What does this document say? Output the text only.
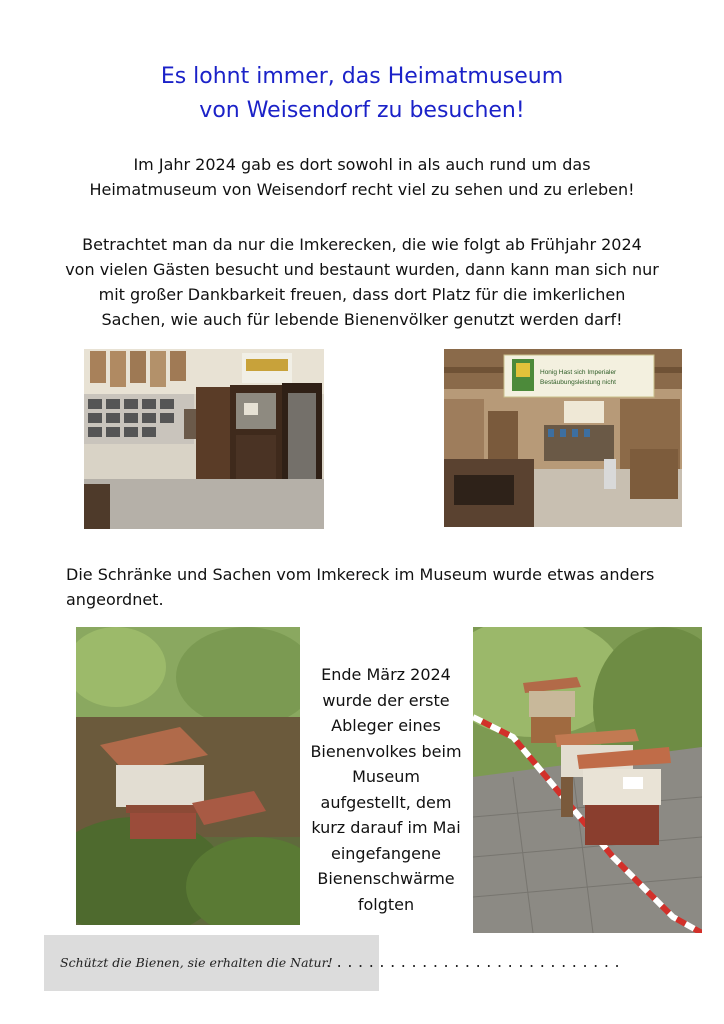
Es lohnt immer, das Heimatmuseum
von Weisendorf zu besuchen!
Im Jahr 2024 gab es dort sowohl in als auch rund um das
Heimatmuseum von Weisendorf recht viel zu sehen und zu erleben!
Betrachtet man da nur die Imkerecken, die wie folgt ab Frühjahr 2024
von vielen Gästen besucht und bestaunt wurden, dann kann man sich nur
mit großer Dankbarkeit freuen, dass dort Platz für die imkerlichen
Sachen, wie auch für lebende Bienenvölker genutzt werden darf!
Honig Hast sich Imperialer
Bestäubungsleistung nicht
Die Schränke und Sachen vom Imkereck im Museum wurde etwas anders
angeordnet.
Ende März 2024
wurde der erste
Ableger eines
Bienenvolkes beim
Museum
aufgestellt, dem
kurz darauf im Mai
eingefangene
Bienenschwärme
folgten
Schützt die Bienen, sie erhalten die Natur!
............................
